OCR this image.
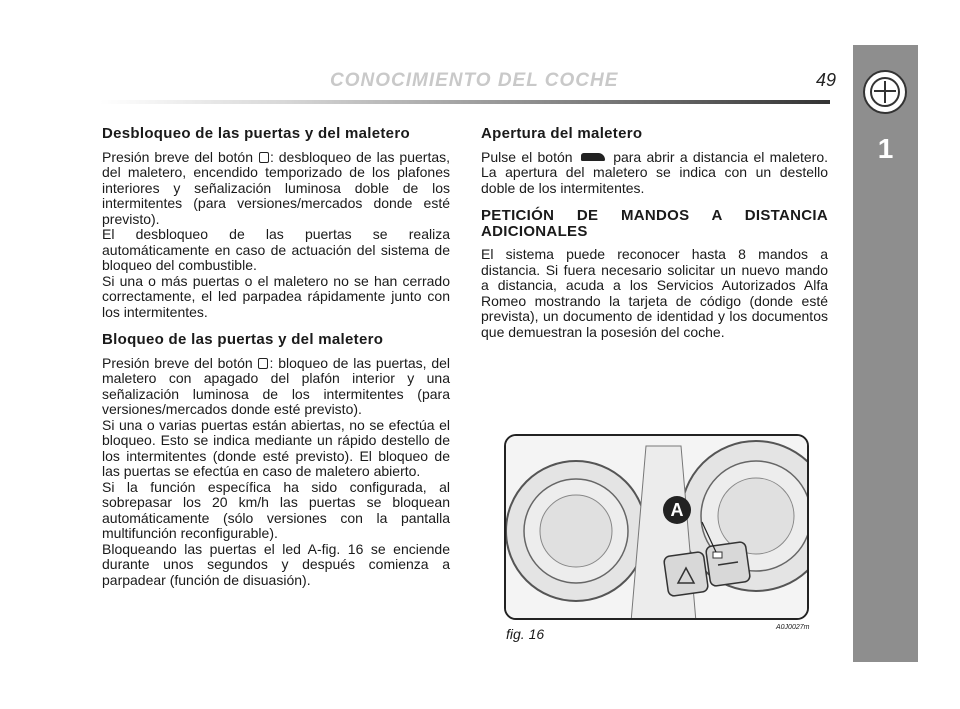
CONOCIMIENTO DEL COCHE	49
1
Desbloqueo de las puertas y del maletero

Presión breve del botón : desbloqueo de las puertas, del maletero, encendido temporizado de los plafones interiores y señalización luminosa doble de los intermitentes (para versiones/mercados donde esté previsto).

El desbloqueo de las puertas se realiza automáticamente en caso de actuación del sistema de bloqueo del combustible.

Si una o más puertas o el maletero no se han cerrado correctamente, el led parpadea rápidamente junto con los intermitentes.

Bloqueo de las puertas y del maletero

Presión breve del botón : bloqueo de las puertas, del maletero con apagado del plafón interior y una señalización luminosa de los intermitentes (para versiones/mercados donde esté previsto).

Si una o varias puertas están abiertas, no se efectúa el bloqueo. Esto se indica mediante un rápido destello de los intermitentes (donde esté previsto). El bloqueo de las puertas se efectúa en caso de maletero abierto.

Si la función específica ha sido configurada, al sobrepasar los 20 km/h las puertas se bloquean automáticamente (sólo versiones con la pantalla multifunción reconfigurable).

Bloqueando las puertas el led A-fig. 16 se enciende durante unos segundos y después comienza a parpadear (función de disuasión).

Apertura del maletero

Pulse el botón	para abrir a distancia el maletero. La apertura del maletero se indica con un destello doble de los intermitentes.

PETICIÓN DE MANDOS A DISTANCIA ADICIONALES

El sistema puede reconocer hasta 8 mandos a distancia. Si fuera necesario solicitar un nuevo mando a distancia, acuda a los Servicios Autorizados Alfa Romeo mostrando la tarjeta de código (donde esté prevista), un documento de identidad y los documentos que demuestran la posesión del coche.

A
fig. 16	A0J0027m
